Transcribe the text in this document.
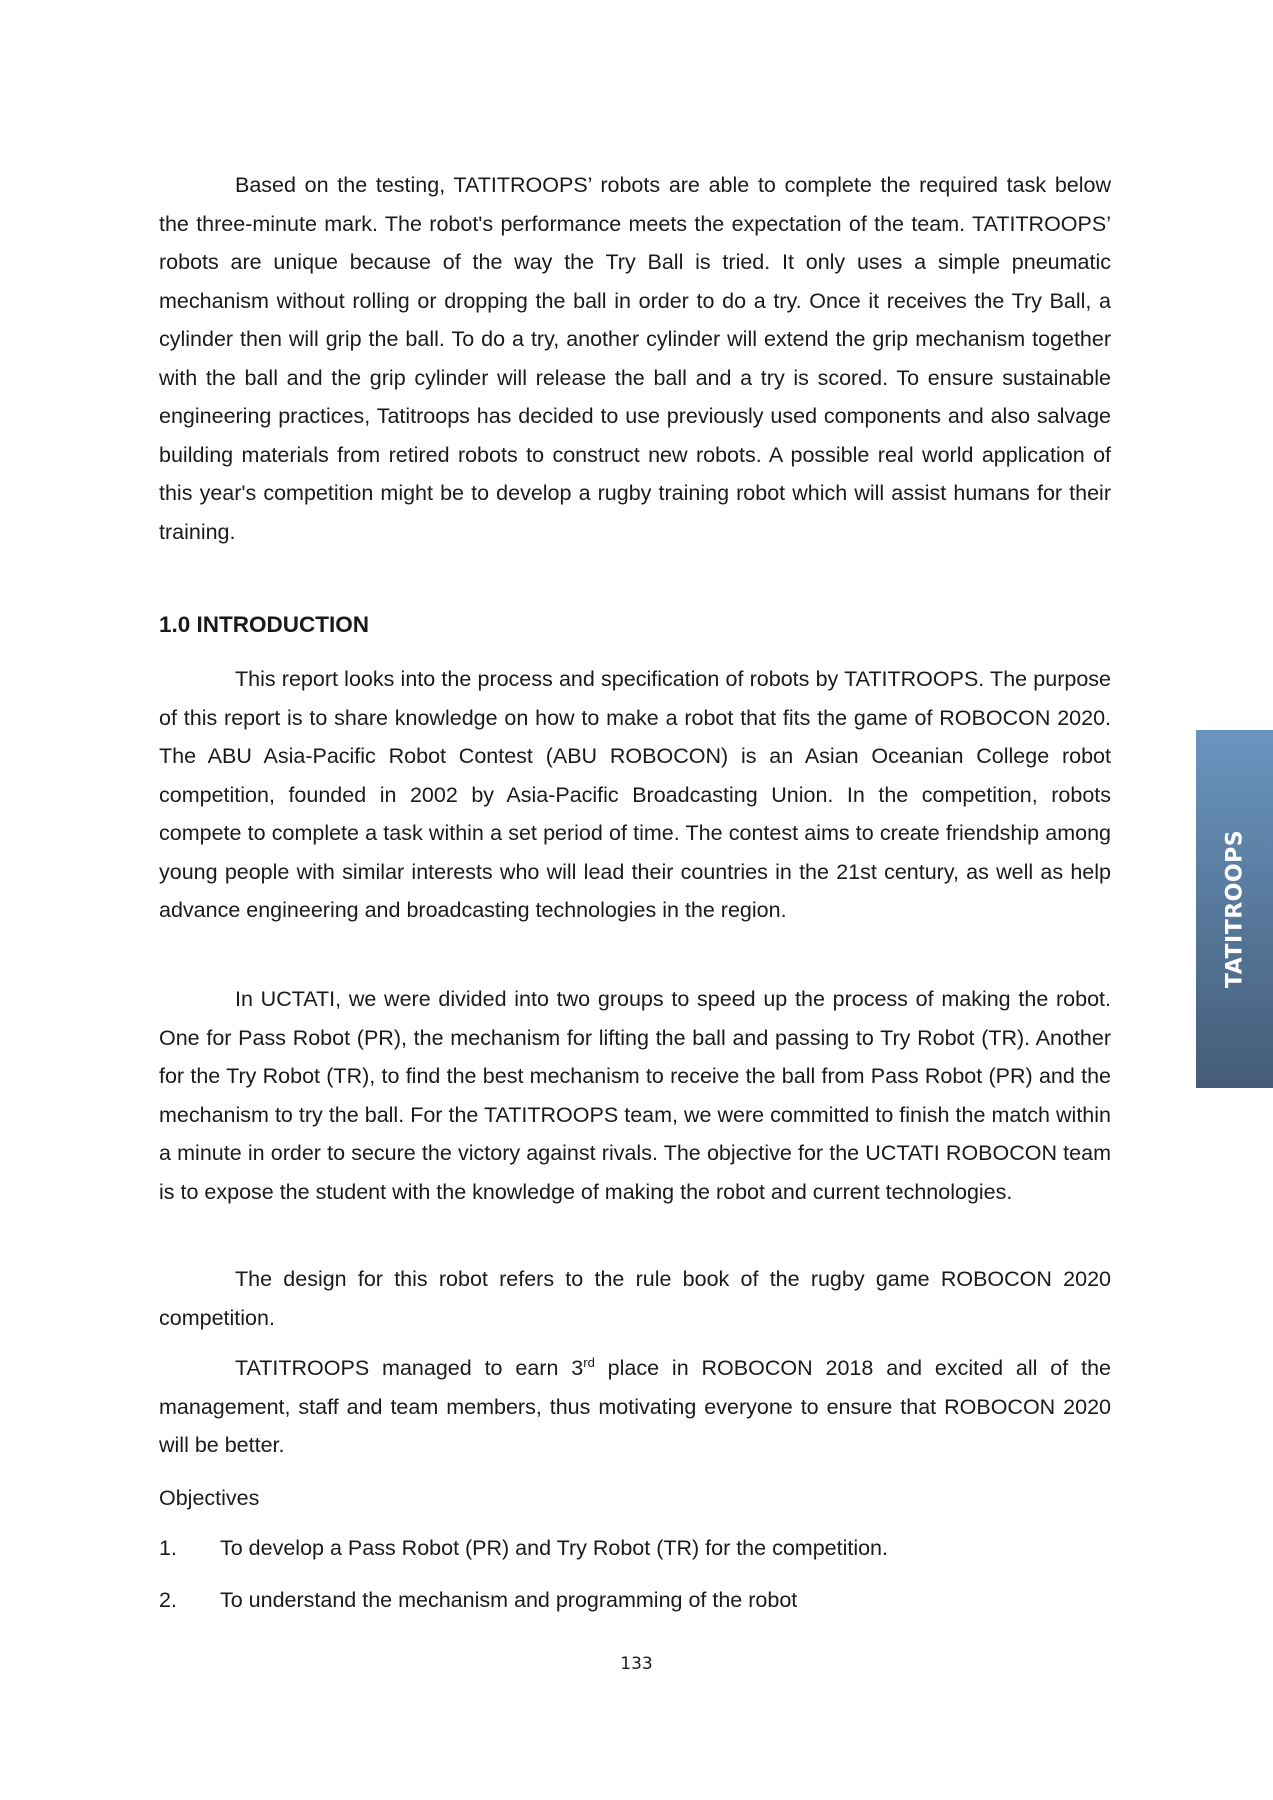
Based on the testing, TATITROOPS’ robots are able to complete the required task below the three-minute mark. The robot's performance meets the expectation of the team. TATITROOPS’ robots are unique because of the way the Try Ball is tried. It only uses a simple pneumatic mechanism without rolling or dropping the ball in order to do a try. Once it receives the Try Ball, a cylinder then will grip the ball. To do a try, another cylinder will extend the grip mechanism together with the ball and the grip cylinder will release the ball and a try is scored. To ensure sustainable engineering practices, Tatitroops has decided to use previously used components and also salvage building materials from retired robots to construct new robots. A possible real world application of this year's competition might be to develop a rugby training robot which will assist humans for their training.
1.0 INTRODUCTION
This report looks into the process and specification of robots by TATITROOPS. The purpose of this report is to share knowledge on how to make a robot that fits the game of ROBOCON 2020. The ABU Asia-Pacific Robot Contest (ABU ROBOCON) is an Asian Oceanian College robot competition, founded in 2002 by Asia-Pacific Broadcasting Union. In the competition, robots compete to complete a task within a set period of time. The contest aims to create friendship among young people with similar interests who will lead their countries in the 21st century, as well as help advance engineering and broadcasting technologies in the region.
In UCTATI, we were divided into two groups to speed up the process of making the robot. One for Pass Robot (PR), the mechanism for lifting the ball and passing to Try Robot (TR). Another for the Try Robot (TR), to find the best mechanism to receive the ball from Pass Robot (PR) and the mechanism to try the ball. For the TATITROOPS team, we were committed to finish the match within a minute in order to secure the victory against rivals. The objective for the UCTATI ROBOCON team is to expose the student with the knowledge of making the robot and current technologies.
The design for this robot refers to the rule book of the rugby game ROBOCON 2020 competition.
TATITROOPS managed to earn 3rd place in ROBOCON 2018 and excited all of the management, staff and team members, thus motivating everyone to ensure that ROBOCON 2020 will be better.
Objectives
1.	To develop a Pass Robot (PR) and Try Robot (TR) for the competition.
2.	To understand the mechanism and programming of the robot
133
TATITROOPS
